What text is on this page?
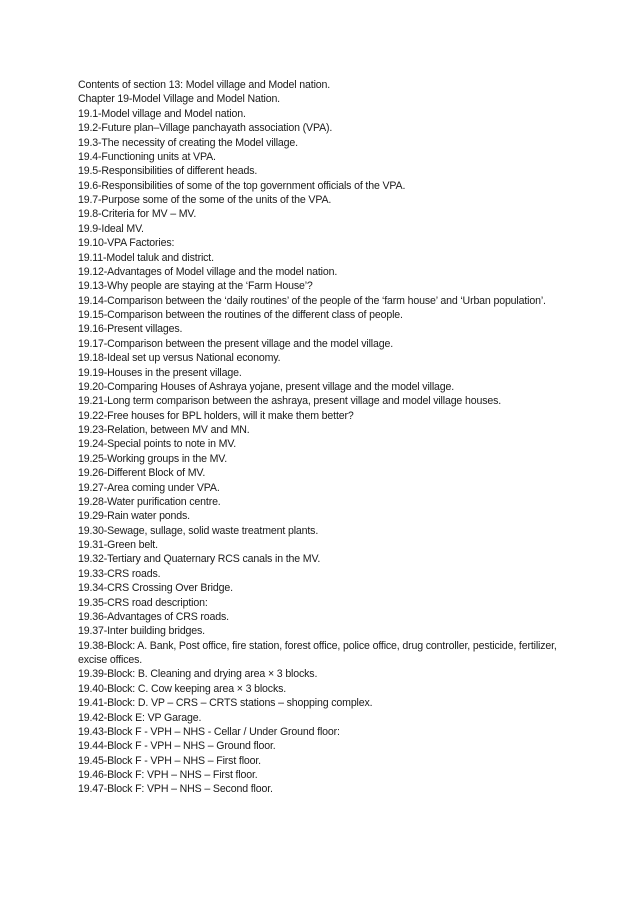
Contents of section 13: Model village and Model nation.
Chapter 19-Model Village and Model Nation.
19.1-Model village and Model nation.
19.2-Future plan–Village panchayath association (VPA).
19.3-The necessity of creating the Model village.
19.4-Functioning units at VPA.
19.5-Responsibilities of different heads.
19.6-Responsibilities of some of the top government officials of the VPA.
19.7-Purpose some of the some of the units of the VPA.
19.8-Criteria for MV – MV.
19.9-Ideal MV.
19.10-VPA Factories:
19.11-Model taluk and district.
19.12-Advantages of Model village and the model nation.
19.13-Why people are staying at the ‘Farm House’?
19.14-Comparison between the ‘daily routines’ of the people of the ‘farm house’ and ‘Urban population’.
19.15-Comparison between the routines of the different class of people.
19.16-Present villages.
19.17-Comparison between the present village and the model village.
19.18-Ideal set up versus National economy.
19.19-Houses in the present village.
19.20-Comparing Houses of Ashraya yojane, present village and the model village.
19.21-Long term comparison between the ashraya, present village and model village houses.
19.22-Free houses for BPL holders, will it make them better?
19.23-Relation, between MV and MN.
19.24-Special points to note in MV.
19.25-Working groups in the MV.
19.26-Different Block of MV.
19.27-Area coming under VPA.
19.28-Water purification centre.
19.29-Rain water ponds.
19.30-Sewage, sullage, solid waste treatment plants.
19.31-Green belt.
19.32-Tertiary and Quaternary RCS canals in the MV.
19.33-CRS roads.
19.34-CRS Crossing Over Bridge.
19.35-CRS road description:
19.36-Advantages of CRS roads.
19.37-Inter building bridges.
19.38-Block: A. Bank, Post office, fire station, forest office, police office, drug controller, pesticide, fertilizer, excise offices.
19.39-Block: B. Cleaning and drying area × 3 blocks.
19.40-Block: C. Cow keeping area × 3 blocks.
19.41-Block: D. VP – CRS – CRTS stations – shopping complex.
19.42-Block E: VP Garage.
19.43-Block F - VPH – NHS - Cellar / Under Ground floor:
19.44-Block F - VPH – NHS – Ground floor.
19.45-Block F - VPH – NHS – First floor.
19.46-Block F: VPH – NHS – First floor.
19.47-Block F: VPH – NHS – Second floor.
